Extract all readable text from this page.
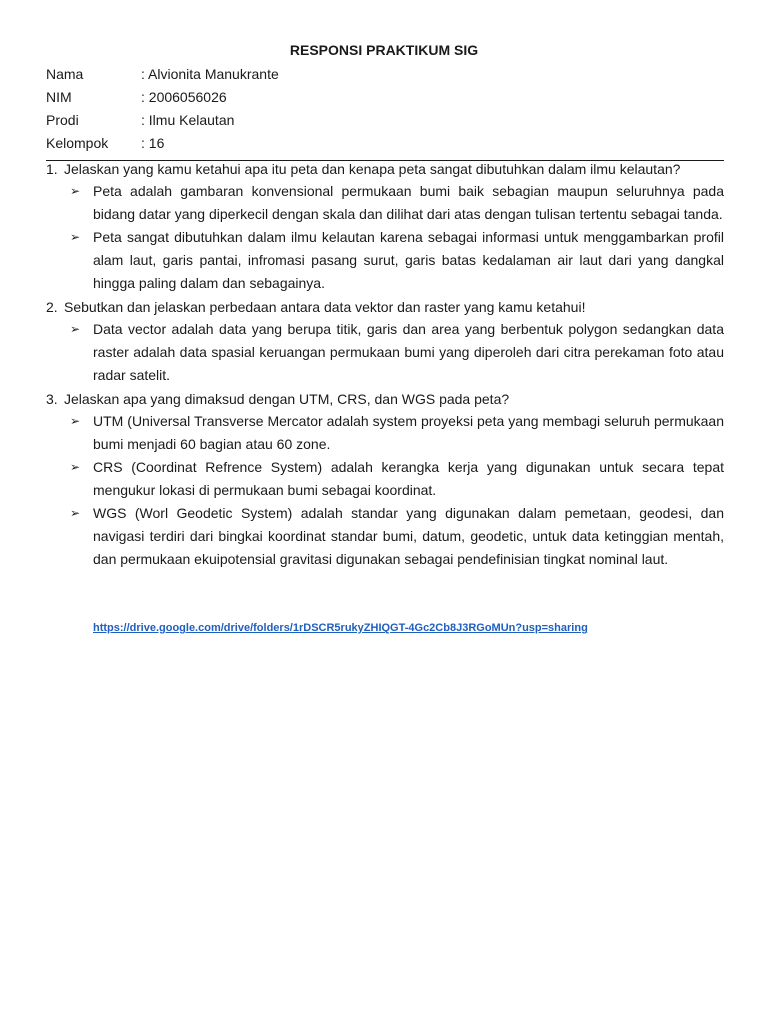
RESPONSI PRAKTIKUM SIG
Nama	: Alvionita Manukrante
NIM	: 2006056026
Prodi	: Ilmu Kelautan
Kelompok	: 16
1. Jelaskan yang kamu ketahui apa itu peta dan kenapa peta sangat dibutuhkan dalam ilmu kelautan?
➢ Peta adalah gambaran konvensional permukaan bumi baik sebagian maupun seluruhnya pada bidang datar yang diperkecil dengan skala dan dilihat dari atas dengan tulisan tertentu sebagai tanda.
➢ Peta sangat dibutuhkan dalam ilmu kelautan karena sebagai informasi untuk menggambarkan profil alam laut, garis pantai, infromasi pasang surut, garis batas kedalaman air laut dari yang dangkal hingga paling dalam dan sebagainya.
2. Sebutkan dan jelaskan perbedaan antara data vektor dan raster yang kamu ketahui!
➢ Data vector adalah data yang berupa titik, garis dan area yang berbentuk polygon sedangkan data raster adalah data spasial keruangan permukaan bumi yang diperoleh dari citra perekaman foto atau radar satelit.
3. Jelaskan apa yang dimaksud dengan UTM, CRS, dan WGS pada peta?
➢ UTM (Universal Transverse Mercator adalah system proyeksi peta yang membagi seluruh permukaan bumi menjadi 60 bagian atau 60 zone.
➢ CRS (Coordinat Refrence System) adalah kerangka kerja yang digunakan untuk secara tepat mengukur lokasi di permukaan bumi sebagai koordinat.
➢ WGS (Worl Geodetic System) adalah standar yang digunakan dalam pemetaan, geodesi, dan navigasi terdiri dari bingkai koordinat standar bumi, datum, geodetic, untuk data ketinggian mentah, dan permukaan ekuipotensial gravitasi digunakan sebagai pendefinisian tingkat nominal laut.
https://drive.google.com/drive/folders/1rDSCR5rukyZHIQGT-4Gc2Cb8J3RGoMUn?usp=sharing
